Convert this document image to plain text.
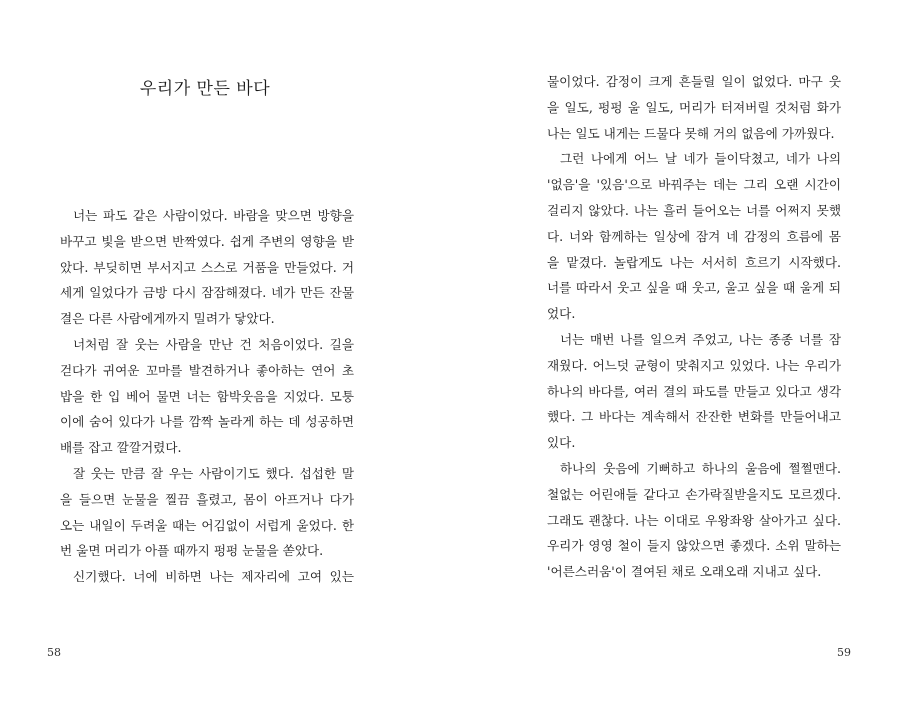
우리가 만든 바다
너는 파도 같은 사람이었다. 바람을 맞으면 방향을
바꾸고 빛을 받으면 반짝였다. 쉽게 주변의 영향을 받
았다. 부딪히면 부서지고 스스로 거품을 만들었다. 거
세게 일었다가 금방 다시 잠잠해졌다. 네가 만든 잔물
결은 다른 사람에게까지 밀려가 닿았다.
너처럼 잘 웃는 사람을 만난 건 처음이었다. 길을
걷다가 귀여운 꼬마를 발견하거나 좋아하는 연어 초
밥을 한 입 베어 물면 너는 함박웃음을 지었다. 모퉁
이에 숨어 있다가 나를 깜짝 놀라게 하는 데 성공하면
배를 잡고 깔깔거렸다.
잘 웃는 만큼 잘 우는 사람이기도 했다. 섭섭한 말
을 들으면 눈물을 찔끔 흘렸고, 몸이 아프거나 다가
오는 내일이 두려울 때는 어김없이 서럽게 울었다. 한
번 울면 머리가 아플 때까지 펑펑 눈물을 쏟았다.
신기했다. 너에 비하면 나는 제자리에 고여 있는
58
물이었다. 감정이 크게 흔들릴 일이 없었다. 마구 웃
을 일도, 펑펑 울 일도, 머리가 터져버릴 것처럼 화가
나는 일도 내게는 드물다 못해 거의 없음에 가까웠다.
그런 나에게 어느 날 네가 들이닥쳤고, 네가 나의
'없음'을 '있음'으로 바꿔주는 데는 그리 오랜 시간이
걸리지 않았다. 나는 흘러 들어오는 너를 어쩌지 못했
다. 너와 함께하는 일상에 잠겨 네 감정의 흐름에 몸
을 맡겼다. 놀랍게도 나는 서서히 흐르기 시작했다.
너를 따라서 웃고 싶을 때 웃고, 울고 싶을 때 울게 되
었다.
너는 매번 나를 일으켜 주었고, 나는 종종 너를 잠
재웠다. 어느덧 균형이 맞춰지고 있었다. 나는 우리가
하나의 바다를, 여러 결의 파도를 만들고 있다고 생각
했다. 그 바다는 계속해서 잔잔한 변화를 만들어내고
있다.
하나의 웃음에 기뻐하고 하나의 울음에 쩔쩔맨다.
철없는 어린애들 같다고 손가락질받을지도 모르겠다.
그래도 괜찮다. 나는 이대로 우왕좌왕 살아가고 싶다.
우리가 영영 철이 들지 않았으면 좋겠다. 소위 말하는
'어른스러움'이 결여된 채로 오래오래 지내고 싶다.
59
